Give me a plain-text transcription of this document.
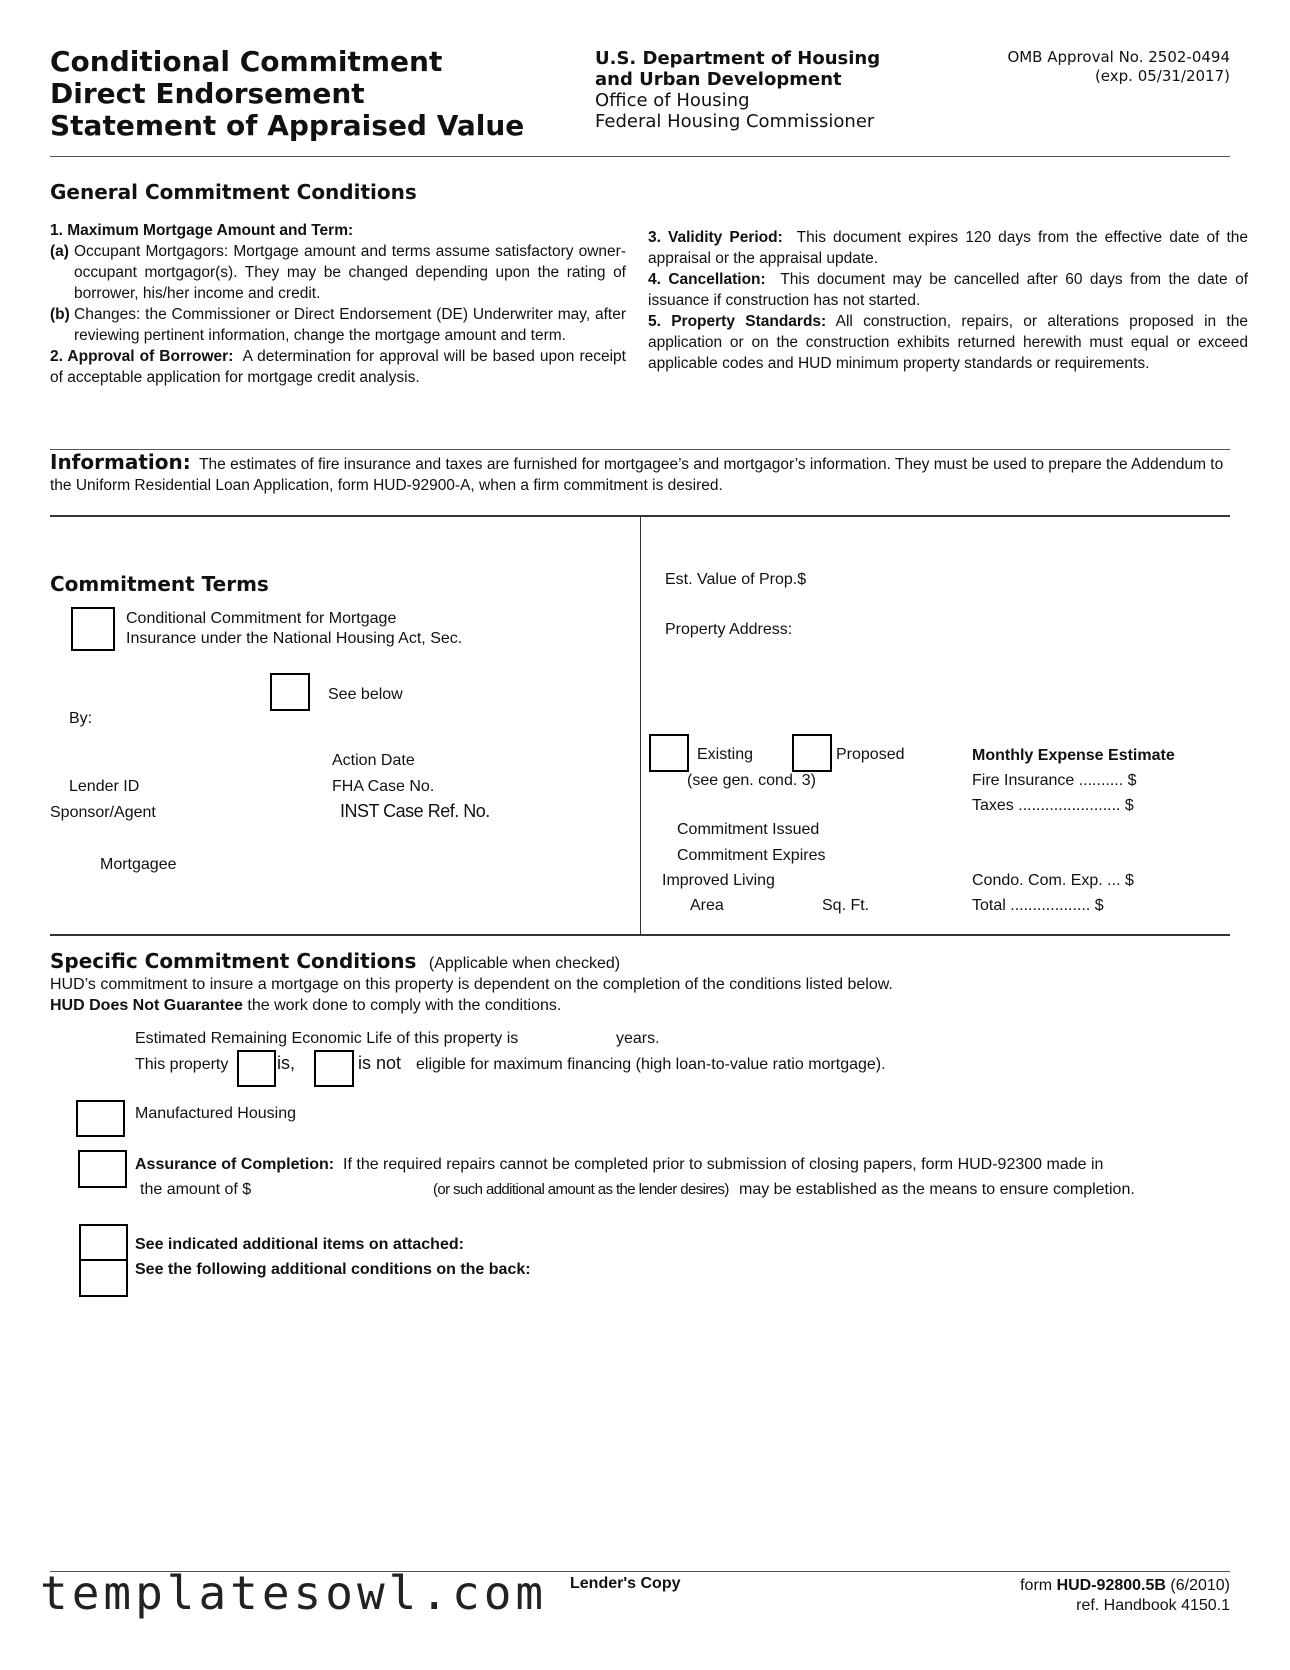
Conditional Commitment
Direct Endorsement
Statement of Appraised Value
U.S. Department of Housing
and Urban Development
Office of Housing
Federal Housing Commissioner
OMB Approval No. 2502-0494
(exp. 05/31/2017)
General Commitment Conditions
1. Maximum Mortgage Amount and Term:
(a) Occupant Mortgagors: Mortgage amount and terms assume satisfactory owner-occupant mortgagor(s). They may be changed depending upon the rating of borrower, his/her income and credit.
(b) Changes: the Commissioner or Direct Endorsement (DE) Underwriter may, after reviewing pertinent information, change the mortgage amount and term.
2. Approval of Borrower: A determination for approval will be based upon receipt of acceptable application for mortgage credit analysis.
3. Validity Period: This document expires 120 days from the effective date of the appraisal or the appraisal update.
4. Cancellation: This document may be cancelled after 60 days from the date of issuance if construction has not started.
5. Property Standards: All construction, repairs, or alterations proposed in the application or on the construction exhibits returned herewith must equal or exceed applicable codes and HUD minimum property standards or requirements.
Information: The estimates of fire insurance and taxes are furnished for mortgagee’s and mortgagor’s information. They must be used to prepare the Addendum to the Uniform Residential Loan Application, form HUD-92900-A, when a firm commitment is desired.
Commitment Terms
Conditional Commitment for Mortgage
Insurance under the National Housing Act, Sec.
See below
By:
Action Date
Lender ID	FHA Case No.
Sponsor/Agent	INST Case Ref. No.
Mortgagee
Est. Value of Prop.$
Property Address:
Existing	Proposed
(see gen. cond. 3)
Commitment Issued
Commitment Expires
Improved Living
Area	Sq. Ft.
Monthly Expense Estimate
Fire Insurance .......... $
Taxes ....................... $
Condo. Com. Exp. ... $
Total .................. $
Specific Commitment Conditions (Applicable when checked)
HUD’s commitment to insure a mortgage on this property is dependent on the completion of the conditions listed below.
HUD Does Not Guarantee the work done to comply with the conditions.
Estimated Remaining Economic Life of this property is	years.
This property	is,	is not eligible for maximum financing (high loan-to-value ratio mortgage).
Manufactured Housing
Assurance of Completion: If the required repairs cannot be completed prior to submission of closing papers, form HUD-92300 made in
the amount of $	(or such additional amount as the lender desires) may be established as the means to ensure completion.
See indicated additional items on attached:
See the following additional conditions on the back:
templatesowl.com Lender's Copy	form HUD-92800.5B (6/2010)
ref. Handbook 4150.1
